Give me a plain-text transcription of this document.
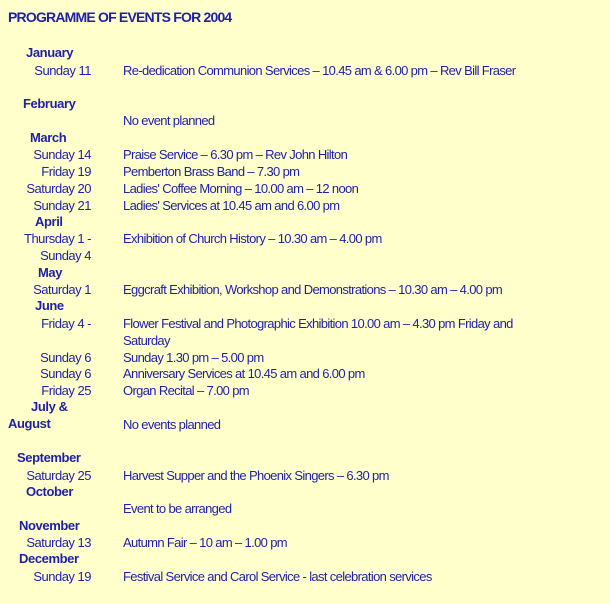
PROGRAMME OF EVENTS FOR 2004
January
February
March
April
May
June
July &
August
September
October
November
December
Sunday 11 Re-dedication Communion Services – 10.45 am & 6.00 pm – Rev Bill Fraser
No event planned
Sunday 14 Praise Service – 6.30 pm – Rev John Hilton
Friday 19 Pemberton Brass Band – 7.30 pm
Saturday 20 Ladies' Coffee Morning – 10.00 am – 12 noon
Sunday 21 Ladies' Services at 10.45 am and 6.00 pm
Thursday 1 - Exhibition of Church History – 10.30 am – 4.00 pm
Sunday 4
Saturday 1 Eggcraft Exhibition, Workshop and Demonstrations – 10.30 am – 4.00 pm
Friday 4 - Flower Festival and Photographic Exhibition 10.00 am – 4.30 pm Friday and Saturday
Sunday 6 Sunday 1.30 pm – 5.00 pm
Sunday 6 Anniversary Services at 10.45 am and 6.00 pm
Friday 25 Organ Recital – 7.00 pm
No events planned
Saturday 25 Harvest Supper and the Phoenix Singers – 6.30 pm
Event to be arranged
Saturday 13 Autumn Fair – 10 am – 1.00 pm
Sunday 19 Festival Service and Carol Service - last celebration services
